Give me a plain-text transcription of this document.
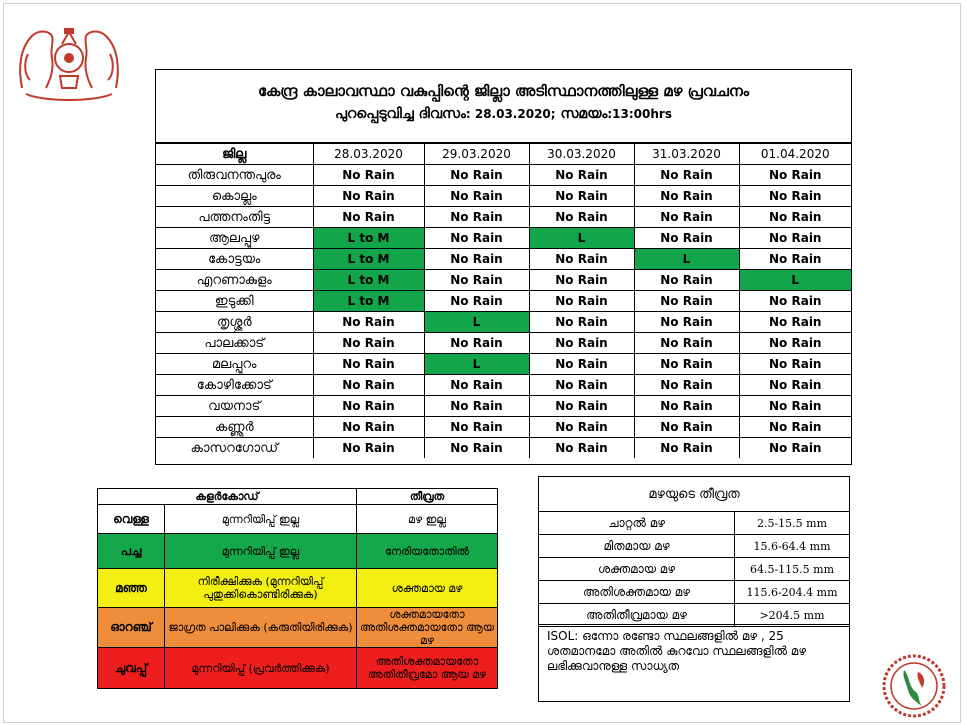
കേന്ദ്ര കാലാവസ്ഥാ വകുപ്പിന്റെ ജില്ലാ അടിസ്ഥാനത്തിലുള്ള മഴ പ്രവചനം
പുറപ്പെടുവിച്ച ദിവസം: 28.03.2020; സമയം:13:00hrs
ജില്ല	28.03.2020	29.03.2020	30.03.2020	31.03.2020	01.04.2020
തിരുവനന്തപുരം	No Rain	No Rain	No Rain	No Rain	No Rain
കൊല്ലം	No Rain	No Rain	No Rain	No Rain	No Rain
പത്തനംതിട്ട	No Rain	No Rain	No Rain	No Rain	No Rain
ആലപ്പുഴ	L to M	No Rain	L	No Rain	No Rain
കോട്ടയം	L to M	No Rain	No Rain	L	No Rain
എറണാകുളം	L to M	No Rain	No Rain	No Rain	L
ഇടുക്കി	L to M	No Rain	No Rain	No Rain	No Rain
തൃശ്ശൂർ	No Rain	L	No Rain	No Rain	No Rain
പാലക്കാട്	No Rain	No Rain	No Rain	No Rain	No Rain
മലപ്പുറം	No Rain	L	No Rain	No Rain	No Rain
കോഴിക്കോട്	No Rain	No Rain	No Rain	No Rain	No Rain
വയനാട്	No Rain	No Rain	No Rain	No Rain	No Rain
കണ്ണൂർ	No Rain	No Rain	No Rain	No Rain	No Rain
കാസറഗോഡ്	No Rain	No Rain	No Rain	No Rain	No Rain
കളർകോഡ്		തീവ്രത
വെള്ള	മുന്നറിയിപ്പ് ഇല്ല	മഴ ഇല്ല
പച്ച	മുന്നറിയിപ്പ് ഇല്ല	നേരിയതോതിൽ
മഞ്ഞ	നിരീക്ഷിക്കുക (മുന്നറിയിപ്പ് പുതുക്കികൊണ്ടിരിക്കുക)	ശക്തമായ മഴ
ഓറഞ്ച്	ജാഗ്രത പാലിക്കുക (കരുതിയിരിക്കുക)	ശക്തമായതോ അതിശക്തമായതോ ആയ മഴ
ചുവപ്പ്	മുന്നറിയിപ്പ് (പ്രവർത്തിക്കുക)	അതിശക്തമായതോ അതിതീവ്രമോ ആയ മഴ
മഴയുടെ തീവ്രത	
ചാറ്റൽ മഴ	2.5-15.5 mm
മിതമായ മഴ	15.6-64.4 mm
ശക്തമായ മഴ	64.5-115.5 mm
അതിശക്തമായ മഴ	115.6-204.4 mm
അതിതീവ്രമായ മഴ	>204.5 mm
ISOL: ഒന്നോ രണ്ടോ സ്ഥലങ്ങളിൽ മഴ , 25 ശതമാനമോ അതിൽ കുറവോ സ്ഥലങ്ങളിൽ മഴ ലഭിക്കുവാനുള്ള സാധ്യത
